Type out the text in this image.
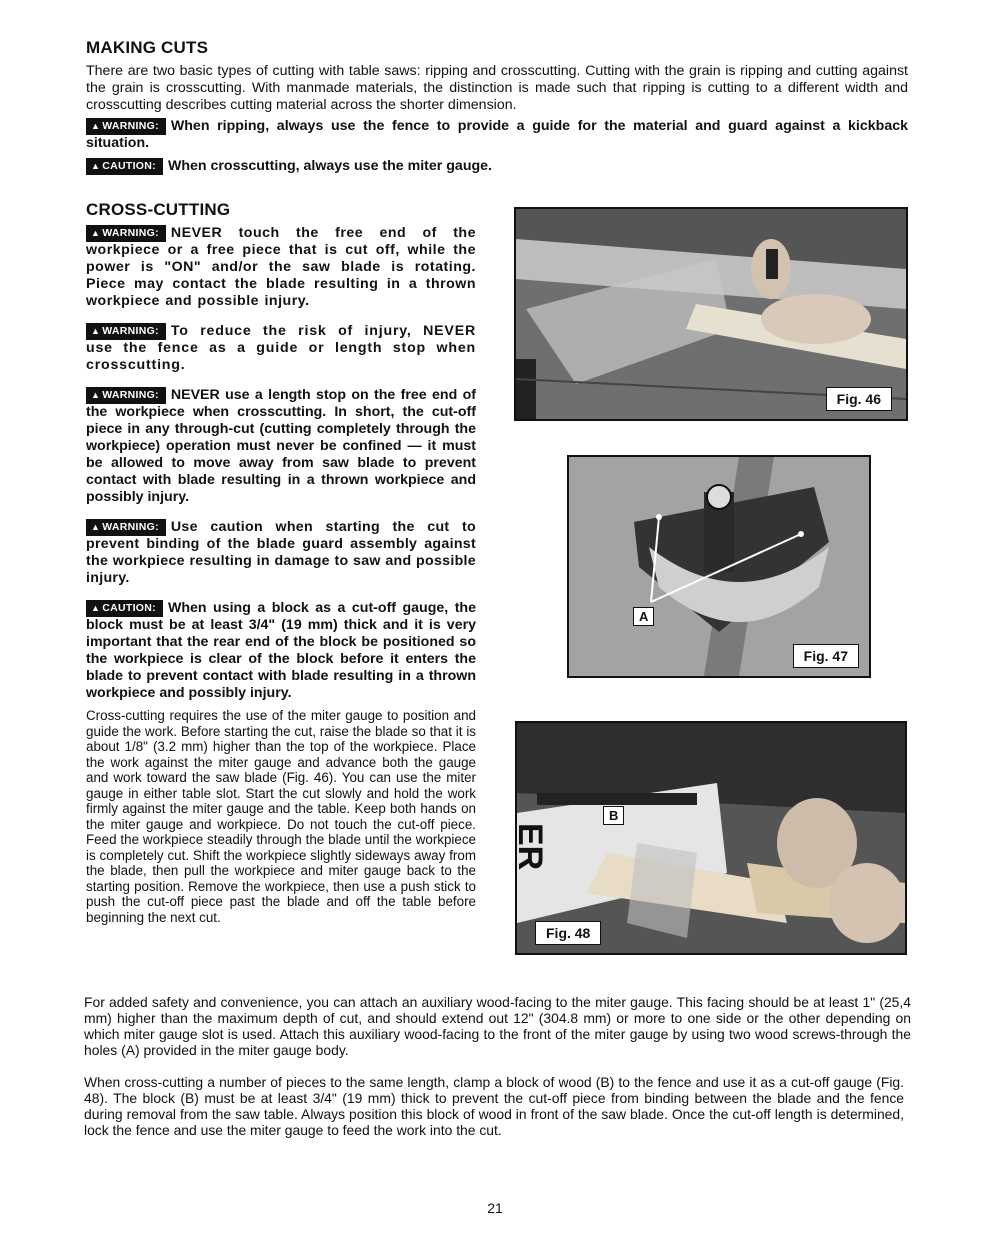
MAKING CUTS

There are two basic types of cutting with table saws: ripping and crosscutting. Cutting with the grain is ripping and cutting against the grain is crosscutting. With manmade materials, the distinction is made such that ripping is cutting to a different width and crosscutting describes cutting material across the shorter dimension.

▲ WARNING: When ripping, always use the fence to provide a guide for the material and guard against a kickback situation.

▲ CAUTION: When crosscutting, always use the miter gauge.

CROSS-CUTTING

▲ WARNING: NEVER touch the free end of the workpiece or a free piece that is cut off, while the power is "ON" and/or the saw blade is rotating. Piece may contact the blade resulting in a thrown workpiece and possible injury.

▲ WARNING: To reduce the risk of injury, NEVER use the fence as a guide or length stop when crosscutting.

▲ WARNING: NEVER use a length stop on the free end of the workpiece when crosscutting. In short, the cut-off piece in any through-cut (cutting completely through the workpiece) operation must never be confined — it must be allowed to move away from saw blade to prevent contact with blade resulting in a thrown workpiece and possibly injury.

▲ WARNING: Use caution when starting the cut to prevent binding of the blade guard assembly against the workpiece resulting in damage to saw and possible injury.

▲ CAUTION: When using a block as a cut-off gauge, the block must be at least 3/4" (19 mm) thick and it is very important that the rear end of the block be positioned so the workpiece is clear of the block before it enters the blade to prevent contact with blade resulting in a thrown workpiece and possibly injury.

Cross-cutting requires the use of the miter gauge to position and guide the work. Before starting the cut, raise the blade so that it is about 1/8" (3.2 mm) higher than the top of the workpiece. Place the work against the miter gauge and advance both the gauge and work toward the saw blade (Fig. 46). You can use the miter gauge in either table slot. Start the cut slowly and hold the work firmly against the miter gauge and the table. Keep both hands on the miter gauge and workpiece. Do not touch the cut-off piece. Feed the workpiece steadily through the blade until the workpiece is completely cut. Shift the workpiece slightly sideways away from the blade, then pull the workpiece and miter gauge back to the starting position. Remove the workpiece, then use a push stick to push the cut-off piece past the blade and off the table before beginning the next cut.

Fig. 46
A
Fig. 47
ER
B
Fig. 48

For added safety and convenience, you can attach an auxiliary wood-facing to the miter gauge. This facing should be at least 1" (25,4 mm) higher than the maximum depth of cut, and should extend out 12" (304.8 mm) or more to one side or the other depending on which miter gauge slot is used. Attach this auxiliary wood-facing to the front of the miter gauge by using two wood screws-through the holes (A) provided in the miter gauge body.

When cross-cutting a number of pieces to the same length, clamp a block of wood (B) to the fence and use it as a cut-off gauge (Fig. 48). The block (B) must be at least 3/4" (19 mm) thick to prevent the cut-off piece from binding between the blade and the fence during removal from the saw table. Always position this block of wood in front of the saw blade. Once the cut-off length is determined, lock the fence and use the miter gauge to feed the work into the cut.

21
